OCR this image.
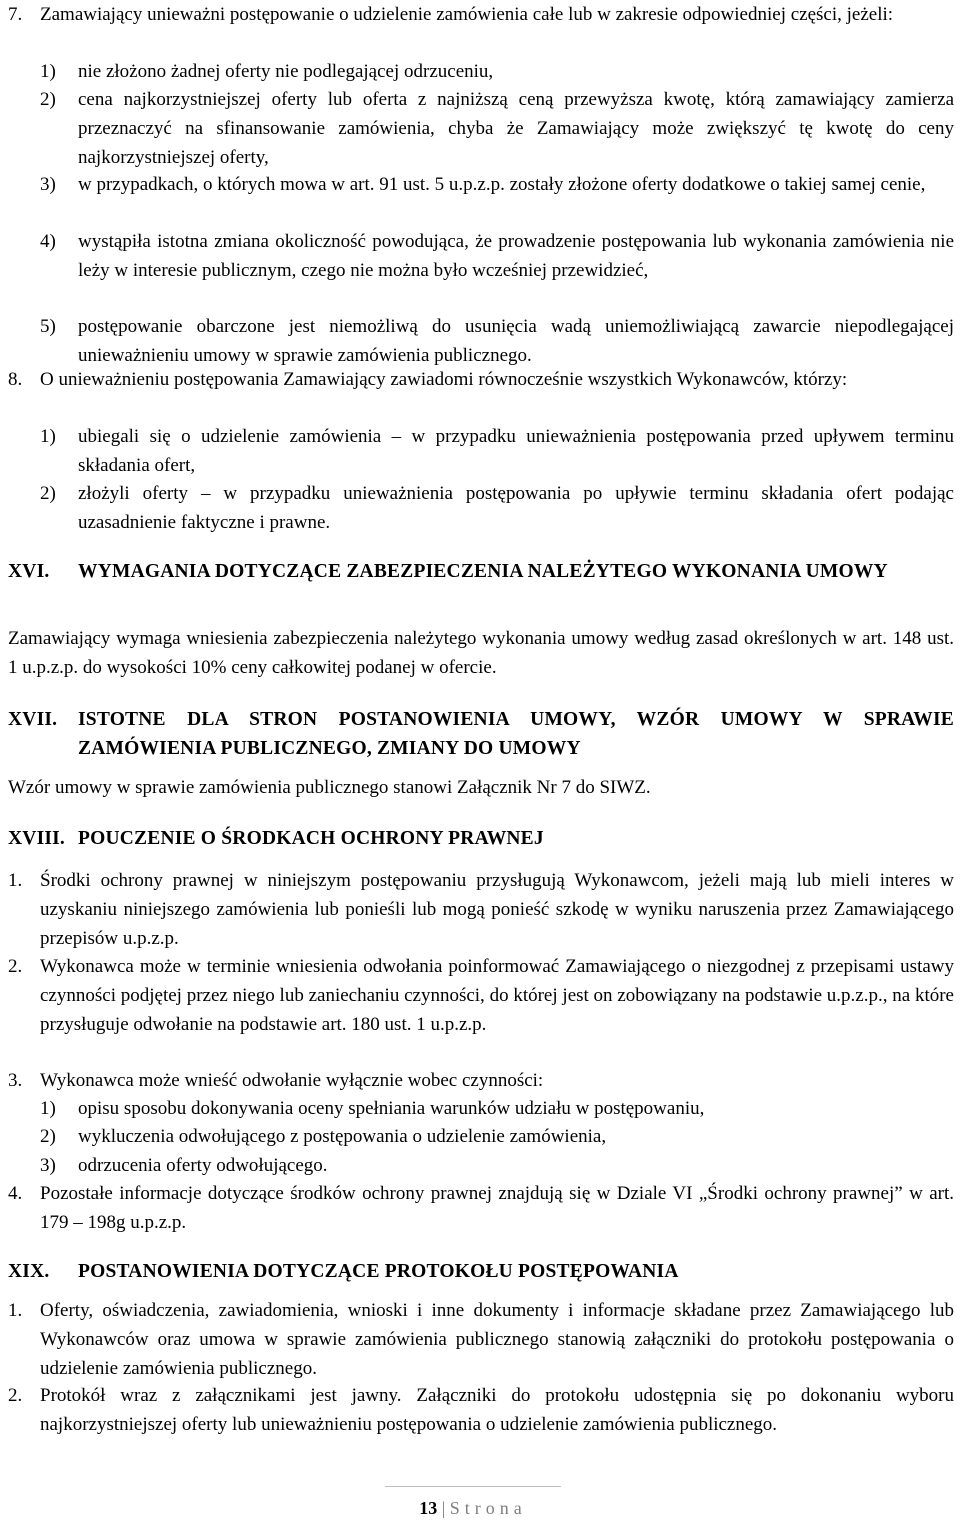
7. Zamawiający unieważni postępowanie o udzielenie zamówienia całe lub w zakresie odpowiedniej części, jeżeli:
1)	nie złożono żadnej oferty nie podlegającej odrzuceniu,
2)	cena najkorzystniejszej oferty lub oferta z najniższą ceną przewyższa kwotę, którą zamawiający zamierza przeznaczyć na sfinansowanie zamówienia, chyba że Zamawiający może zwiększyć tę kwotę do ceny najkorzystniejszej oferty,
3)	w przypadkach, o których mowa w art. 91 ust. 5 u.p.z.p. zostały złożone oferty dodatkowe o takiej samej cenie,
4)	wystąpiła istotna zmiana okoliczność powodująca, że prowadzenie postępowania lub wykonania zamówienia nie leży w interesie publicznym, czego nie można było wcześniej przewidzieć,
5)	postępowanie obarczone jest niemożliwą do usunięcia wadą uniemożliwiającą zawarcie niepodlegającej unieważnieniu umowy w sprawie zamówienia publicznego.
8. O unieważnieniu postępowania Zamawiający zawiadomi równocześnie wszystkich Wykonawców, którzy:
1)	ubiegali się o udzielenie zamówienia – w przypadku unieważnienia postępowania przed upływem terminu składania ofert,
2)	złożyli oferty – w przypadku unieważnienia postępowania po upływie terminu składania ofert podając uzasadnienie faktyczne i prawne.
XVI. WYMAGANIA DOTYCZĄCE ZABEZPIECZENIA NALEŻYTEGO WYKONANIA UMOWY
Zamawiający wymaga wniesienia zabezpieczenia należytego wykonania umowy według zasad określonych w art. 148 ust. 1 u.p.z.p. do wysokości 10% ceny całkowitej podanej w ofercie.
XVII. ISTOTNE DLA STRON POSTANOWIENIA UMOWY, WZÓR UMOWY W SPRAWIE ZAMÓWIENIA PUBLICZNEGO, ZMIANY DO UMOWY
Wzór umowy w sprawie zamówienia publicznego stanowi Załącznik Nr 7 do SIWZ.
XVIII. POUCZENIE O ŚRODKACH OCHRONY PRAWNEJ
1. Środki ochrony prawnej w niniejszym postępowaniu przysługują Wykonawcom, jeżeli mają lub mieli interes w uzyskaniu niniejszego zamówienia lub ponieśli lub mogą ponieść szkodę w wyniku naruszenia przez Zamawiającego przepisów u.p.z.p.
2. Wykonawca może w terminie wniesienia odwołania poinformować Zamawiającego o niezgodnej z przepisami ustawy czynności podjętej przez niego lub zaniechaniu czynności, do której jest on zobowiązany na podstawie u.p.z.p., na które przysługuje odwołanie na podstawie art. 180 ust. 1 u.p.z.p.
3. Wykonawca może wnieść odwołanie wyłącznie wobec czynności:
1)	opisu sposobu dokonywania oceny spełniania warunków udziału w postępowaniu,
2)	wykluczenia odwołującego z postępowania o udzielenie zamówienia,
3)	odrzucenia oferty odwołującego.
4. Pozostałe informacje dotyczące środków ochrony prawnej znajdują się w Dziale VI „Środki ochrony prawnej” w art. 179 – 198g u.p.z.p.
XIX. POSTANOWIENIA DOTYCZĄCE PROTOKOŁU POSTĘPOWANIA
1. Oferty, oświadczenia, zawiadomienia, wnioski i inne dokumenty i informacje składane przez Zamawiającego lub Wykonawców oraz umowa w sprawie zamówienia publicznego stanowią załączniki do protokołu postępowania o udzielenie zamówienia publicznego.
2. Protokół wraz z załącznikami jest jawny. Załączniki do protokołu udostępnia się po dokonaniu wyboru najkorzystniejszej oferty lub unieważnieniu postępowania o udzielenie zamówienia publicznego.
13 | Strona
